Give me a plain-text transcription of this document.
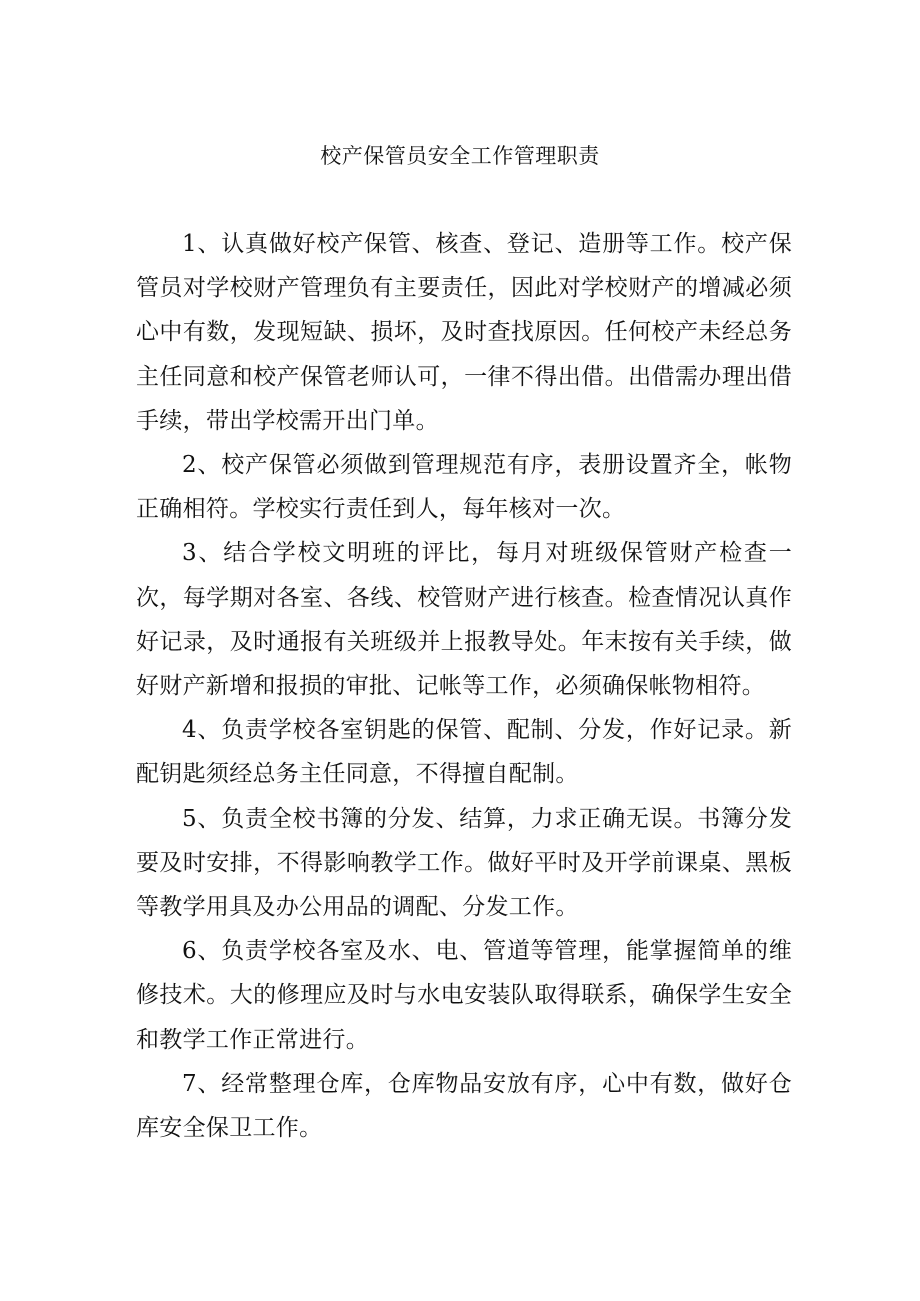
校产保管员安全工作管理职责

1、认真做好校产保管、核查、登记、造册等工作。校产保管员对学校财产管理负有主要责任，因此对学校财产的增减必须心中有数，发现短缺、损坏，及时查找原因。任何校产未经总务主任同意和校产保管老师认可，一律不得出借。出借需办理出借手续，带出学校需开出门单。

2、校产保管必须做到管理规范有序，表册设置齐全，帐物正确相符。学校实行责任到人，每年核对一次。

3、结合学校文明班的评比，每月对班级保管财产检查一次，每学期对各室、各线、校管财产进行核查。检查情况认真作好记录，及时通报有关班级并上报教导处。年末按有关手续，做好财产新增和报损的审批、记帐等工作，必须确保帐物相符。

4、负责学校各室钥匙的保管、配制、分发，作好记录。新配钥匙须经总务主任同意，不得擅自配制。

5、负责全校书簿的分发、结算，力求正确无误。书簿分发要及时安排，不得影响教学工作。做好平时及开学前课桌、黑板等教学用具及办公用品的调配、分发工作。

6、负责学校各室及水、电、管道等管理，能掌握简单的维修技术。大的修理应及时与水电安装队取得联系，确保学生安全和教学工作正常进行。

7、经常整理仓库，仓库物品安放有序，心中有数，做好仓库安全保卫工作。
